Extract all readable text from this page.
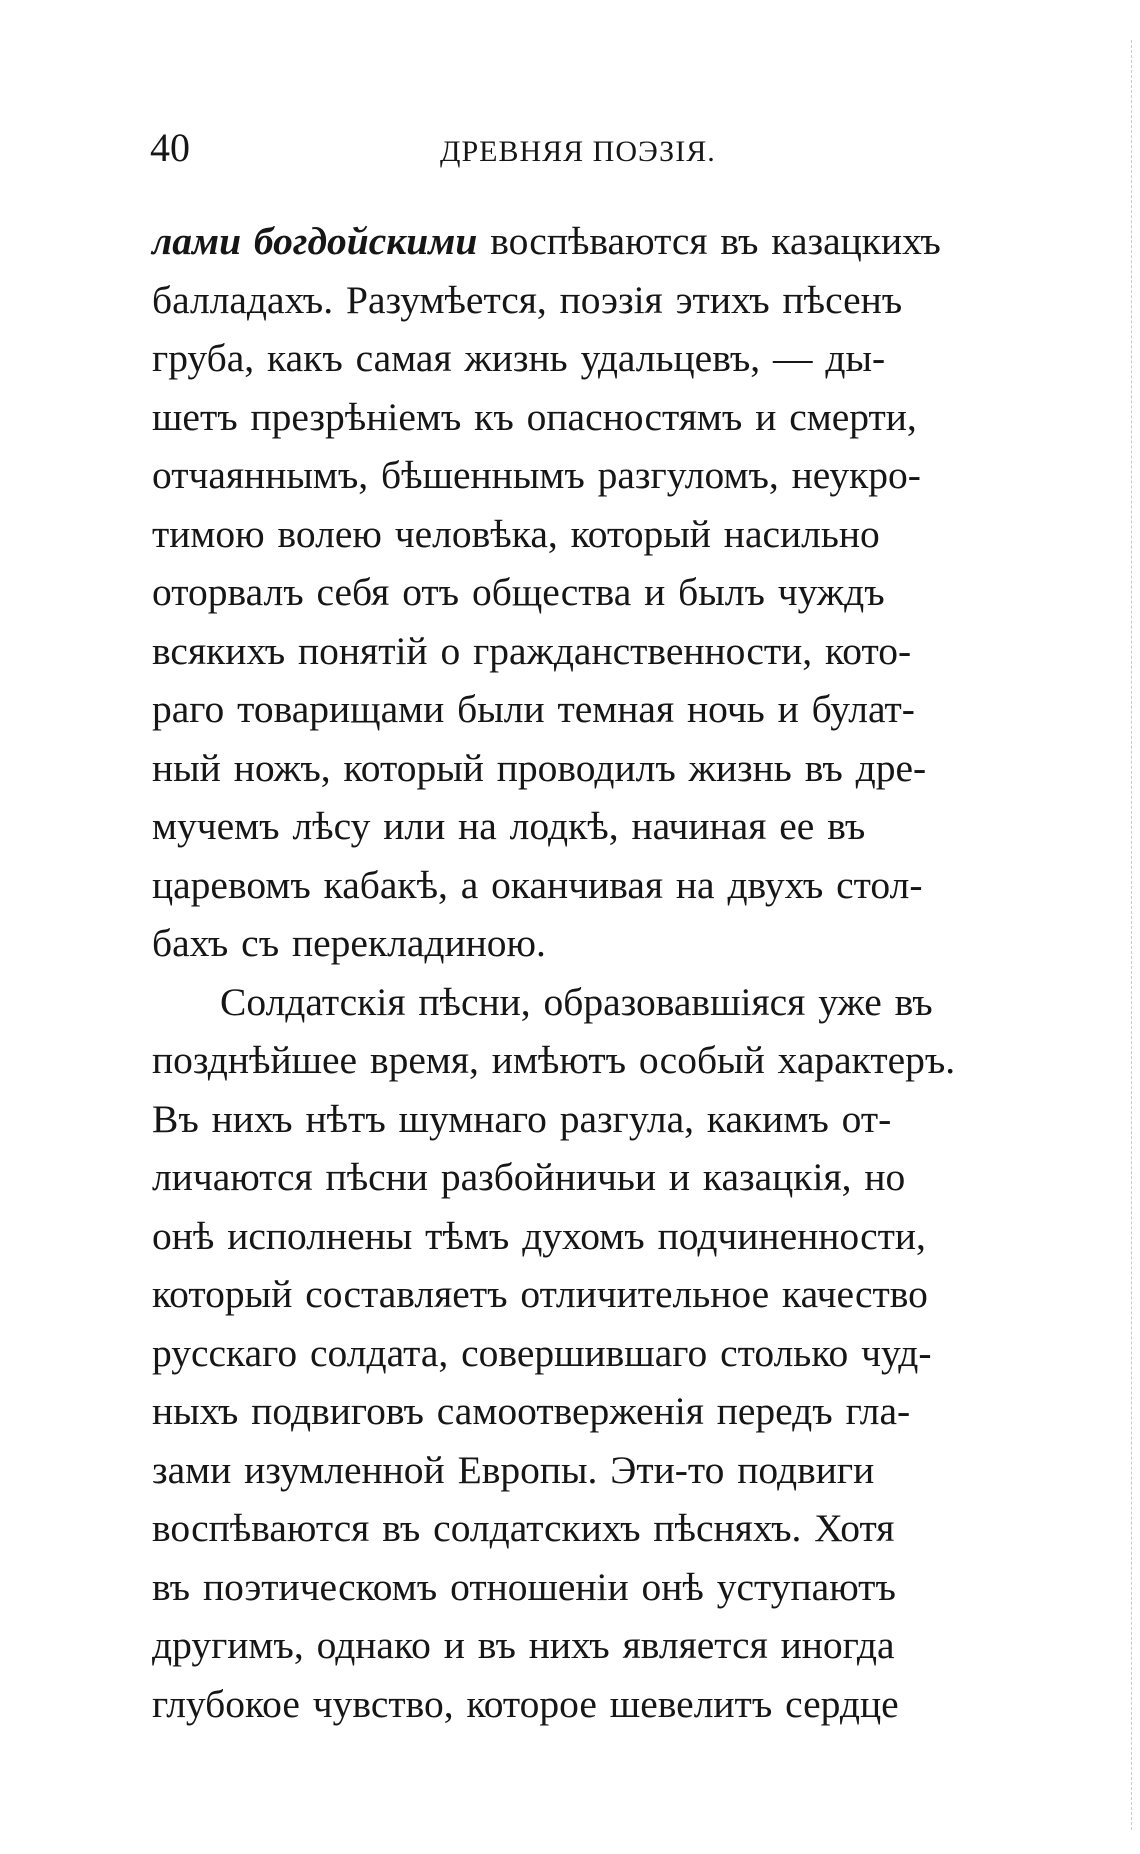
40	ДРЕВНЯЯ ПОЭЗІЯ.
лами богдойскими воспѣваются въ казацкихъ
балладахъ. Разумѣется, поэзія этихъ пѣсенъ
груба, какъ самая жизнь удальцевъ, — ды-
шетъ презрѣніемъ къ опасностямъ и смерти,
отчаяннымъ, бѣшеннымъ разгуломъ, неукро-
тимою волею человѣка, который насильно
оторвалъ себя отъ общества и былъ чуждъ
всякихъ понятій о гражданственности, кото-
раго товарищами были темная ночь и булат-
ный ножъ, который проводилъ жизнь въ дре-
мучемъ лѣсу или на лодкѣ, начиная ее въ
царевомъ кабакѣ, а оканчивая на двухъ стол-
бахъ съ перекладиною.
Солдатскія пѣсни, образовавшіяся уже въ
позднѣйшее время, имѣютъ особый характеръ.
Въ нихъ нѣтъ шумнаго разгула, какимъ от-
личаются пѣсни разбойничьи и казацкія, но
онѣ исполнены тѣмъ духомъ подчиненности,
который составляетъ отличительное качество
русскаго солдата, совершившаго столько чуд-
ныхъ подвиговъ самоотверженія передъ гла-
зами изумленной Европы. Эти-то подвиги
воспѣваются въ солдатскихъ пѣсняхъ. Хотя
въ поэтическомъ отношеніи онѣ уступаютъ
другимъ, однако и въ нихъ является иногда
глубокое чувство, которое шевелитъ сердце
